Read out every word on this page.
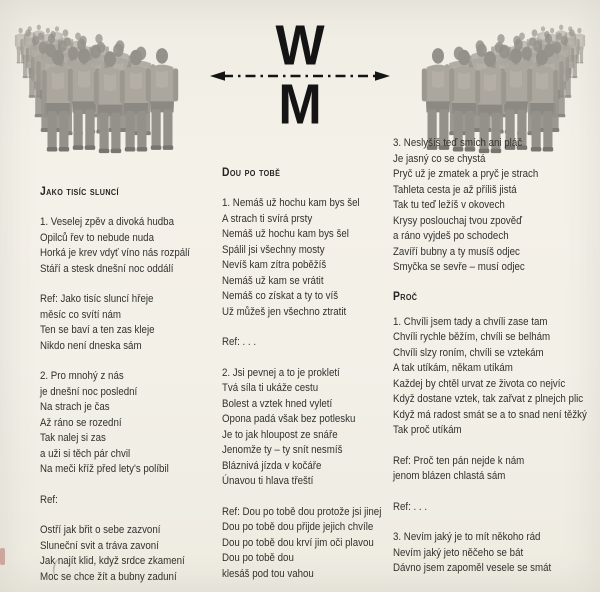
W
M
Jako tisíc sluncí
1. Veselej zpěv a divoká hudba
Opilců řev to nebude nuda
Horká je krev vdyť víno nás rozpálí
Stáří a stesk dnešní noc oddálí
Ref: Jako tisíc sluncí hřeje
měsíc co svítí nám
Ten se baví a ten zas kleje
Nikdo není dneska sám
2. Pro mnohý z nás
je dnešní noc poslední
Na strach je čas
Až ráno se rozední
Tak nalej si zas
a uži si těch pár chvil
Na meči kříž před lety's políbil
Ref:
Ostří jak břit o sebe zazvoní
Sluneční svit a tráva zavoní
Jak najít klid, když srdce zkamení
Moc se chce žít a bubny zaduní
Dou po tobě
1. Nemáš už hochu kam bys šel
A strach ti svírá prsty
Nemáš už hochu kam bys šel
Spálil jsi všechny mosty
Nevíš kam zítra poběžíš
Nemáš už kam se vrátit
Nemáš co získat a ty to víš
Už můžeš jen všechno ztratit
Ref: . . .
2. Jsi pevnej a to je prokletí
Tvá síla ti ukáže cestu
Bolest a vztek hned vyletí
Opona padá však bez potlesku
Je to jak hloupost ze snáře
Jenomže ty – ty snít nesmíš
Bláznivá jízda v kočáře
Únavou ti hlava třeští
Ref: Dou po tobě dou protože jsi jinej
Dou po tobě dou přijde jejich chvíle
Dou po tobě dou krví jim oči plavou
Dou po tobě dou
klesáš pod tou vahou
3. Neslyšíš teď smích ani pláč
Je jasný co se chystá
Pryč už je zmatek a pryč je strach
Tahleta cesta je až příliš jistá
Tak tu teď ležíš v okovech
Krysy poslouchaj tvou zpověď
a ráno vyjdeš po schodech
Zavíří bubny a ty musíš odjec
Smyčka se sevře – musí odjec
Proč
1. Chvíli jsem tady a chvíli zase tam
Chvíli rychle běžím, chvíli se belhám
Chvíli slzy roním, chvíli se vztekám
A tak utíkám, někam utíkám
Každej by chtěl urvat ze života co nejvíc
Když dostane vztek, tak zařvat z plnejch plic
Když má radost smát se a to snad není těžký
Tak proč utíkám
Ref: Proč ten pán nejde k nám
jenom blázen chlastá sám
Ref: . . .
3. Nevím jaký je to mít někoho rád
Nevím jaký jeto něčeho se bát
Dávno jsem zapoměl vesele se smát
